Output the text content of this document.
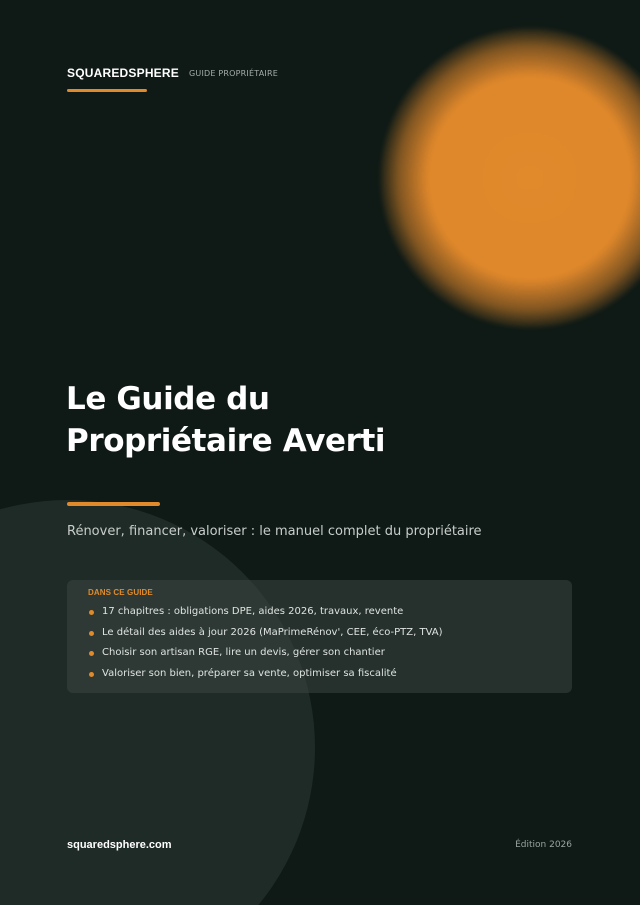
SQUAREDSPHERE GUIDE PROPRIÉTAIRE
Le Guide du
Propriétaire Averti
Rénover, financer, valoriser : le manuel complet du propriétaire
DANS CE GUIDE
17 chapitres : obligations DPE, aides 2026, travaux, revente
Le détail des aides à jour 2026 (MaPrimeRénov', CEE, éco-PTZ, TVA)
Choisir son artisan RGE, lire un devis, gérer son chantier
Valoriser son bien, préparer sa vente, optimiser sa fiscalité
squaredsphere.com	Édition 2026
